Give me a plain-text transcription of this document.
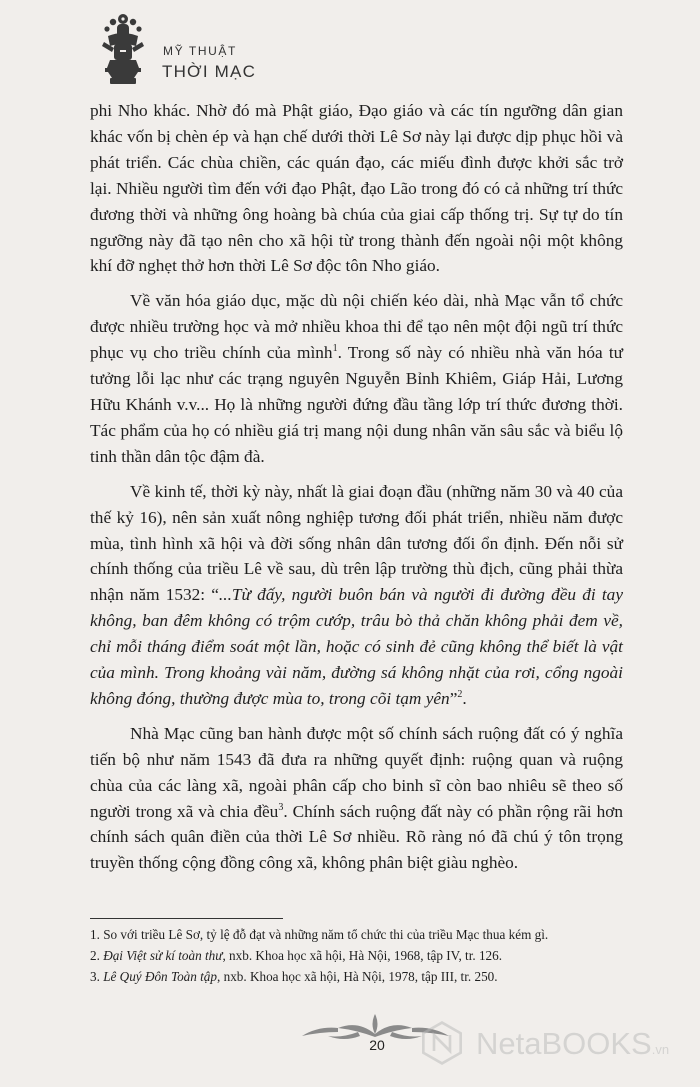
MỸ THUẬT
THỜI MẠC

phi Nho khác. Nhờ đó mà Phật giáo, Đạo giáo và các tín ngưỡng dân gian khác vốn bị chèn ép và hạn chế dưới thời Lê Sơ này lại được dịp phục hồi và phát triển. Các chùa chiền, các quán đạo, các miếu đình được khởi sắc trở lại. Nhiều người tìm đến với đạo Phật, đạo Lão trong đó có cả những trí thức đương thời và những ông hoàng bà chúa của giai cấp thống trị. Sự tự do tín ngưỡng này đã tạo nên cho xã hội từ trong thành đến ngoài nội một không khí đỡ nghẹt thở hơn thời Lê Sơ độc tôn Nho giáo.

Về văn hóa giáo dục, mặc dù nội chiến kéo dài, nhà Mạc vẫn tổ chức được nhiều trường học và mở nhiều khoa thi để tạo nên một đội ngũ trí thức phục vụ cho triều chính của mình$^1$. Trong số này có nhiều nhà văn hóa tư tưởng lỗi lạc như các trạng nguyên Nguyễn Bỉnh Khiêm, Giáp Hải, Lương Hữu Khánh v.v... Họ là những người đứng đầu tầng lớp trí thức đương thời. Tác phẩm của họ có nhiều giá trị mang nội dung nhân văn sâu sắc và biểu lộ tinh thần dân tộc đậm đà.

Về kinh tế, thời kỳ này, nhất là giai đoạn đầu (những năm 30 và 40 của thế kỷ 16), nên sản xuất nông nghiệp tương đối phát triển, nhiều năm được mùa, tình hình xã hội và đời sống nhân dân tương đối ổn định. Đến nỗi sử chính thống của triều Lê về sau, dù trên lập trường thù địch, cũng phải thừa nhận năm 1532: “...Từ đấy, người buôn bán và người đi đường đều đi tay không, ban đêm không có trộm cướp, trâu bò thả chăn không phải đem về, chỉ mỗi tháng điểm soát một lần, hoặc có sinh đẻ cũng không thể biết là vật của mình. Trong khoảng vài năm, đường sá không nhặt của rơi, cổng ngoài không đóng, thường được mùa to, trong cõi tạm yên”$^2$.

Nhà Mạc cũng ban hành được một số chính sách ruộng đất có ý nghĩa tiến bộ như năm 1543 đã đưa ra những quyết định: ruộng quan và ruộng chùa của các làng xã, ngoài phân cấp cho binh sĩ còn bao nhiêu sẽ theo số người trong xã và chia đều$^3$. Chính sách ruộng đất này có phần rộng rãi hơn chính sách quân điền của thời Lê Sơ nhiều. Rõ ràng nó đã chú ý tôn trọng truyền thống cộng đồng công xã, không phân biệt giàu nghèo.

1. So với triều Lê Sơ, tỷ lệ đỗ đạt và những năm tổ chức thi của triều Mạc thua kém gì.

2. Đại Việt sử kí toàn thư, nxb. Khoa học xã hội, Hà Nội, 1968, tập IV, tr. 126.

3. Lê Quý Đôn Toàn tập, nxb. Khoa học xã hội, Hà Nội, 1978, tập III, tr. 250.

20	NetaBOOKS.vn
